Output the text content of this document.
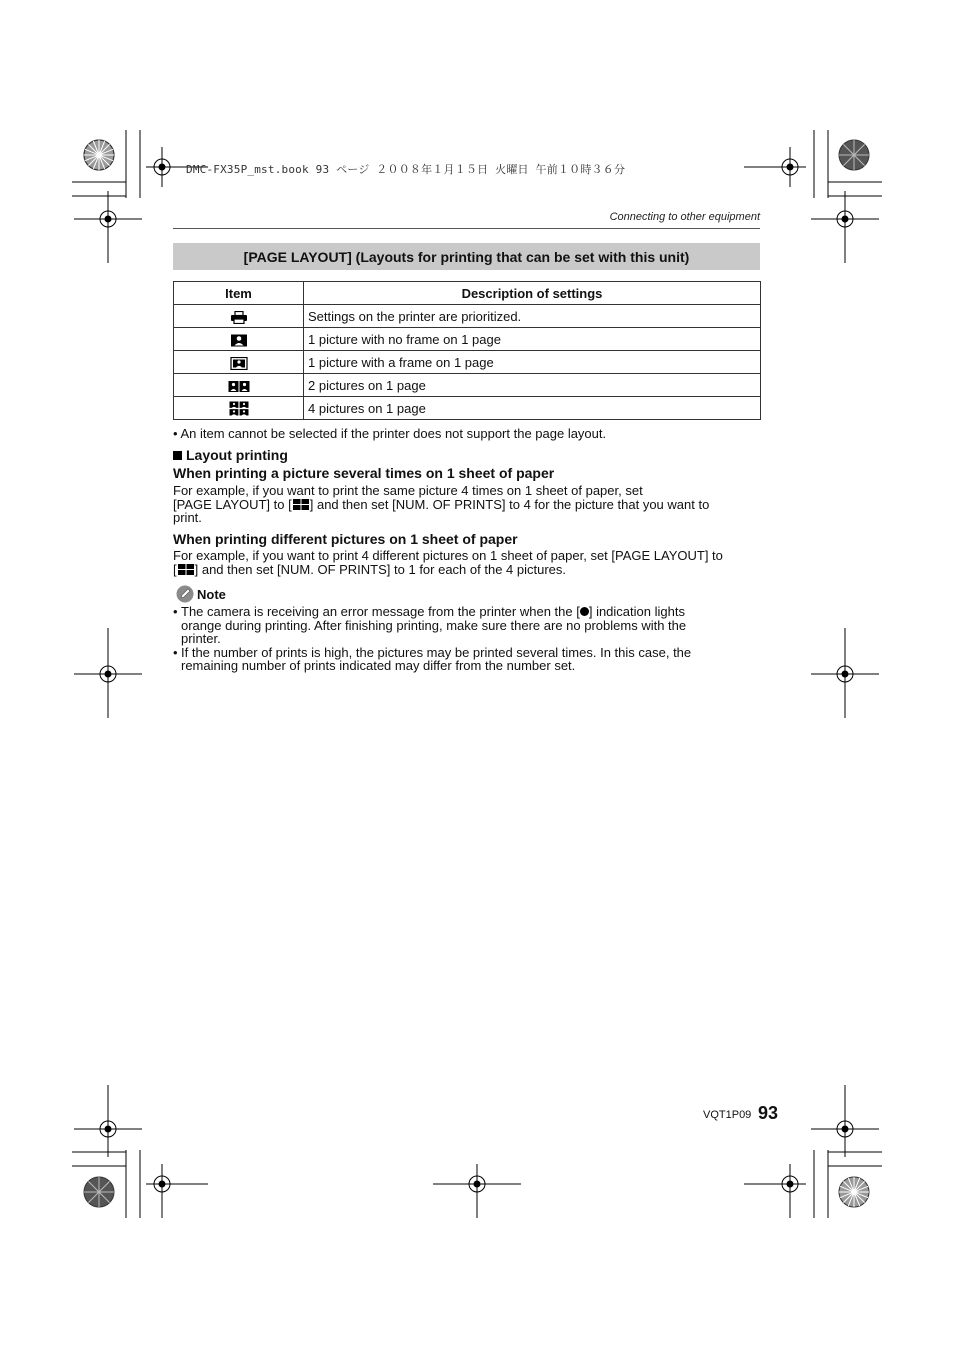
DMC-FX35P_mst.book 93 ページ ２００８年１月１５日 火曜日 午前１０時３６分
Connecting to other equipment
[PAGE LAYOUT] (Layouts for printing that can be set with this unit)
Item	Description of settings
	Settings on the printer are prioritized.
	1 picture with no frame on 1 page
	1 picture with a frame on 1 page
	2 pictures on 1 page
	4 pictures on 1 page
• An item cannot be selected if the printer does not support the page layout.
Layout printing
When printing a picture several times on 1 sheet of paper
For example, if you want to print the same picture 4 times on 1 sheet of paper, set
[PAGE LAYOUT] to [ ] and then set [NUM. OF PRINTS] to 4 for the picture that you want to
print.
When printing different pictures on 1 sheet of paper
For example, if you want to print 4 different pictures on 1 sheet of paper, set [PAGE LAYOUT] to
[ ] and then set [NUM. OF PRINTS] to 1 for each of the 4 pictures.
Note
• The camera is receiving an error message from the printer when the [ ] indication lights
orange during printing. After finishing printing, make sure there are no problems with the
printer.
• If the number of prints is high, the pictures may be printed several times. In this case, the
remaining number of prints indicated may differ from the number set.
VQT1P09 93
